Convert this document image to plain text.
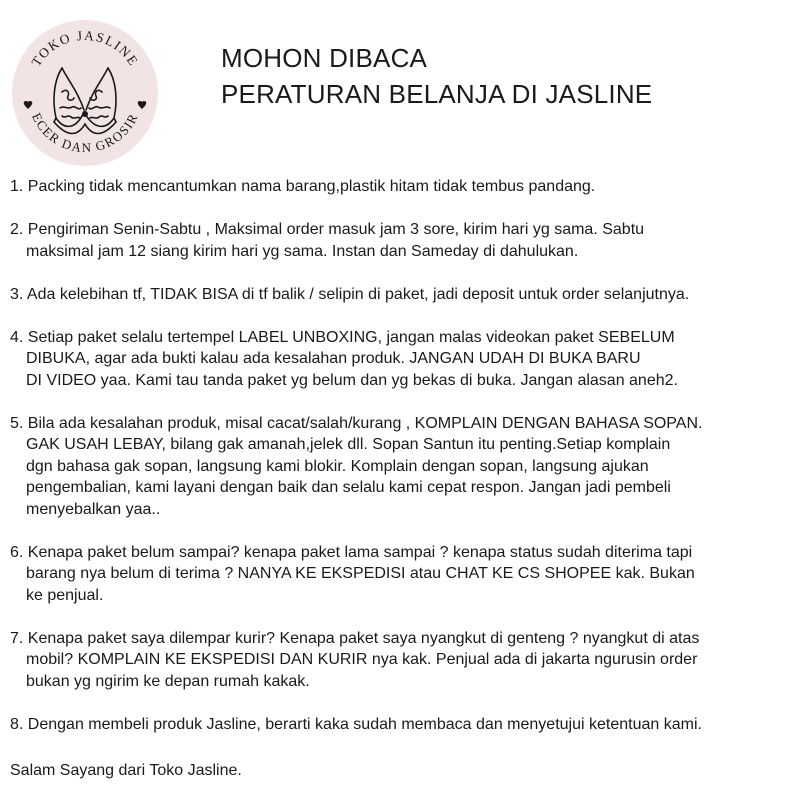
TOKO JASLINE
ECER DAN GROSIR
MOHON DIBACA
PERATURAN BELANJA DI JASLINE
1. Packing tidak mencantumkan nama barang,plastik hitam tidak tembus pandang.
2. Pengiriman Senin-Sabtu , Maksimal order masuk jam 3 sore, kirim hari yg sama. Sabtu
maksimal jam 12 siang kirim hari yg sama. Instan dan Sameday di dahulukan.
3. Ada kelebihan tf, TIDAK BISA di tf balik / selipin di paket, jadi deposit untuk order selanjutnya.
4. Setiap paket selalu tertempel LABEL UNBOXING, jangan malas videokan paket SEBELUM
DIBUKA, agar ada bukti kalau ada kesalahan produk. JANGAN UDAH DI BUKA BARU
DI VIDEO yaa. Kami tau tanda paket yg belum dan yg bekas di buka. Jangan alasan aneh2.
5. Bila ada kesalahan produk, misal cacat/salah/kurang , KOMPLAIN DENGAN BAHASA SOPAN.
GAK USAH LEBAY, bilang gak amanah,jelek dll. Sopan Santun itu penting.Setiap komplain
dgn bahasa gak sopan, langsung kami blokir. Komplain dengan sopan, langsung ajukan
pengembalian, kami layani dengan baik dan selalu kami cepat respon. Jangan jadi pembeli
menyebalkan yaa..
6. Kenapa paket belum sampai? kenapa paket lama sampai ? kenapa status sudah diterima tapi
barang nya belum di terima ? NANYA KE EKSPEDISI atau CHAT KE CS SHOPEE kak. Bukan
ke penjual.
7. Kenapa paket saya dilempar kurir? Kenapa paket saya nyangkut di genteng ? nyangkut di atas
mobil? KOMPLAIN KE EKSPEDISI DAN KURIR nya kak. Penjual ada di jakarta ngurusin order
bukan yg ngirim ke depan rumah kakak.
8. Dengan membeli produk Jasline, berarti kaka sudah membaca dan menyetujui ketentuan kami.
Salam Sayang dari Toko Jasline.
